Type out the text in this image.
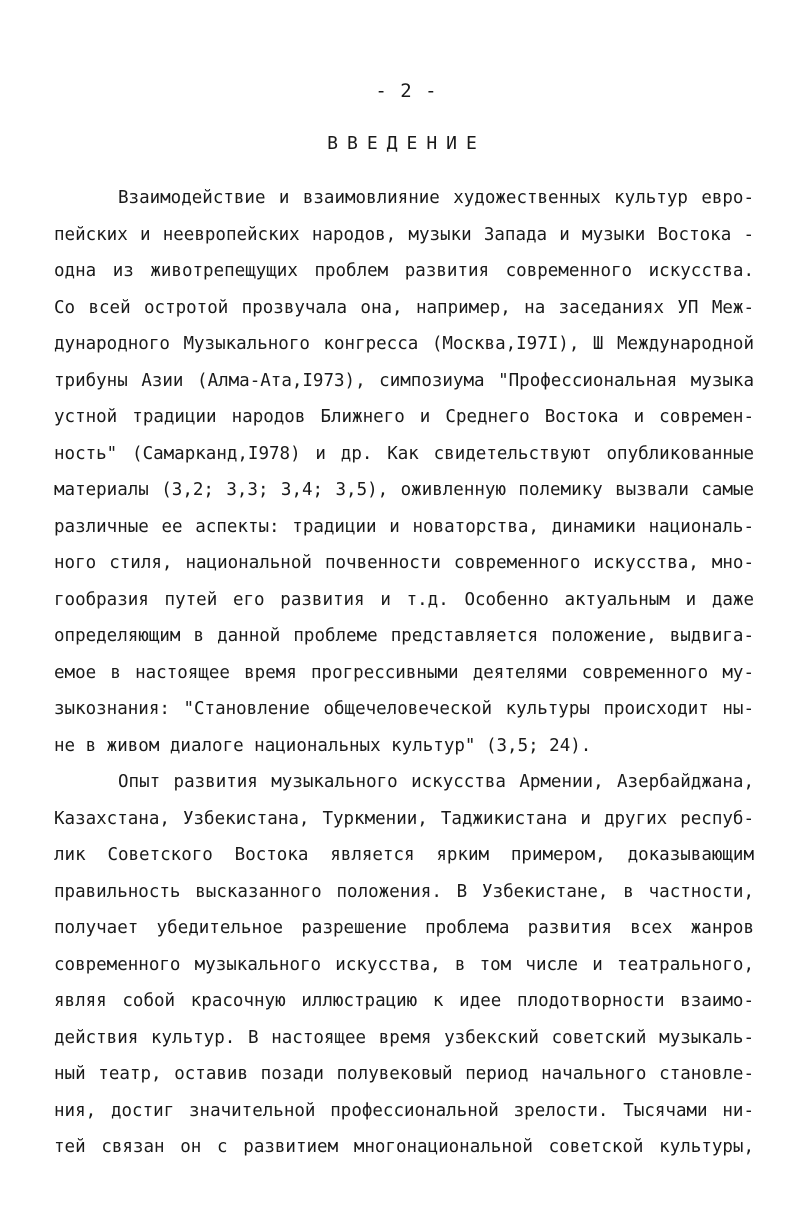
- 2 -
ВВЕДЕНИЕ
Взаимодействие и взаимовлияние художественных культур евро-
пейских и неевропейских народов, музыки Запада и музыки Востока -
одна из животрепещущих проблем развития современного искусства.
Со всей остротой прозвучала она, например, на заседаниях УП Меж-
дународного Музыкального конгресса (Москва,I97I), Ш Международной
трибуны Азии (Алма-Ата,I973), симпозиума "Профессиональная музыка
устной традиции народов Ближнего и Среднего Востока и современ-
ность" (Самарканд,I978) и др. Как свидетельствуют опубликованные
материалы (3,2; 3,3; 3,4; 3,5), оживленную полемику вызвали самые
различные ее аспекты: традиции и новаторства, динамики националь-
ного стиля, национальной почвенности современного искусства, мно-
гообразия путей его развития и т.д. Особенно актуальным и даже
определяющим в данной проблеме представляется положение, выдвига-
емое в настоящее время прогрессивными деятелями современного му-
зыкознания: "Становление общечеловеческой культуры происходит ны-
не в живом диалоге национальных культур" (3,5; 24).
Опыт развития музыкального искусства Армении, Азербайджана,
Казахстана, Узбекистана, Туркмении, Таджикистана и других респуб-
лик Советского Востока является ярким примером, доказывающим
правильность высказанного положения. В Узбекистане, в частности,
получает убедительное разрешение проблема развития всех жанров
современного музыкального искусства, в том числе и театрального,
являя собой красочную иллюстрацию к идее плодотворности взаимо-
действия культур. В настоящее время узбекский советский музыкаль-
ный театр, оставив позади полувековый период начального становле-
ния, достиг значительной профессиональной зрелости. Тысячами ни-
тей связан он с развитием многонациональной советской культуры,
